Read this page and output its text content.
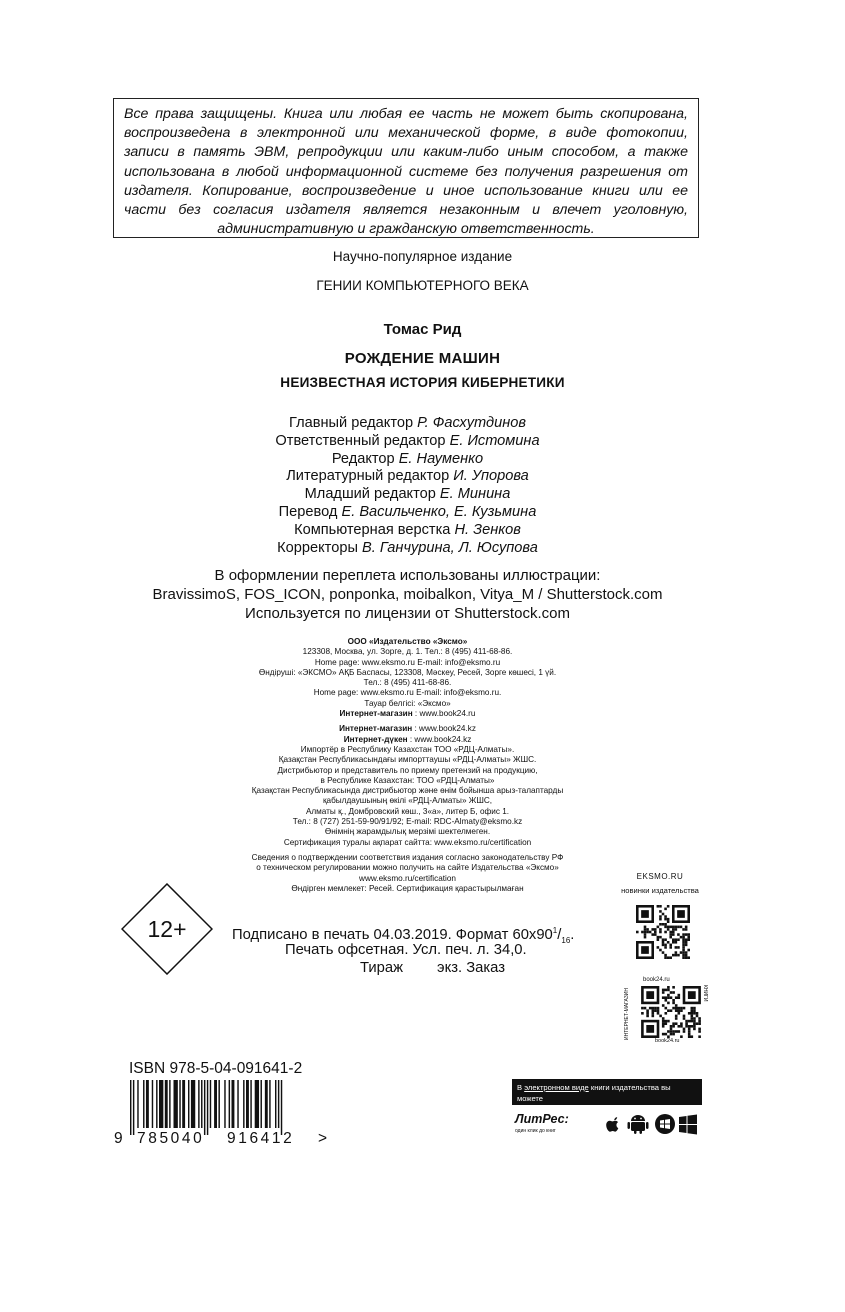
Все права защищены. Книга или любая ее часть не может быть скопирована, воспроизведена в электронной или механической форме, в виде фотокопии, записи в память ЭВМ, репродукции или каким-либо иным способом, а также использована в любой информационной системе без получения разрешения от издателя. Копирование, воспроизведение и иное использование книги или ее части без согласия издателя является незаконным и влечет уголовную, административную и гражданскую ответственность.

Научно-популярное издание
ГЕНИИ КОМПЬЮТЕРНОГО ВЕКА
Томас Рид
РОЖДЕНИЕ МАШИН
НЕИЗВЕСТНАЯ ИСТОРИЯ КИБЕРНЕТИКИ
Главный редактор Р. Фасхутдинов
Ответственный редактор Е. Истомина
Редактор Е. Науменко
Литературный редактор И. Упорова
Младший редактор Е. Минина
Перевод Е. Васильченко, Е. Кузьмина
Компьютерная верстка Н. Зенков
Корректоры В. Ганчурина, Л. Юсупова
В оформлении переплета использованы иллюстрации:
BravissimoS, FOS_ICON, ponponka, moibalkon, Vitya_M / Shutterstock.com
Используется по лицензии от Shutterstock.com
ООО «Издательство «Эксмо»
123308, Москва, ул. Зорге, д. 1. Тел.: 8 (495) 411-68-86.
Home page: www.eksmo.ru E-mail: info@eksmo.ru
Өндіруші: «ЭКСМО» АҚБ Баспасы, 123308, Мәскеу, Ресей, Зорге көшесі, 1 үй.
Тел.: 8 (495) 411-68-86.
Home page: www.eksmo.ru E-mail: info@eksmo.ru.
Тауар белгісі: «Эксмо»
Интернет-магазин : www.book24.ru
Интернет-магазин : www.book24.kz
Интернет-дүкен : www.book24.kz
Импортёр в Республику Казахстан ТОО «РДЦ-Алматы».
Қазақстан Республикасындағы импорттаушы «РДЦ-Алматы» ЖШС.
Дистрибьютор и представитель по приему претензий на продукцию,
в Республике Казахстан: ТОО «РДЦ-Алматы»
Қазақстан Республикасында дистрибьютор және өнім бойынша арыз-талаптарды
қабылдаушының өкілі «РДЦ-Алматы» ЖШС,
Алматы қ., Домбровский көш., 3«а», литер Б, офис 1.
Тел.: 8 (727) 251-59-90/91/92; E-mail: RDC-Almaty@eksmo.kz
Өнімнің жарамдылық мерзімі шектелмеген.
Сертификация туралы ақпарат сайтта: www.eksmo.ru/certification
Сведения о подтверждении соответствия издания согласно законодательству РФ
о техническом регулировании можно получить на сайте Издательства «Эксмо»
www.eksmo.ru/certification
Өндірген мемлекет: Ресей. Сертификация қарастырылмаған
12+	Подписано в печать 04.03.2019. Формат $60х90^1/_{16}$.
Печать офсетная. Усл. печ. л. 34,0.
Тираж экз. Заказ
EKSMO.RU
новинки издательства
book24.ru
ИНТЕРНЕТ-МАГАЗИН	КНИГИ
book24.ru
ISBN 978-5-04-091641-2
9 785040 916412 >
В электронном виде книги издательства вы можете
купить на www.litres.ru
ЛитРес:
один клик до книг
